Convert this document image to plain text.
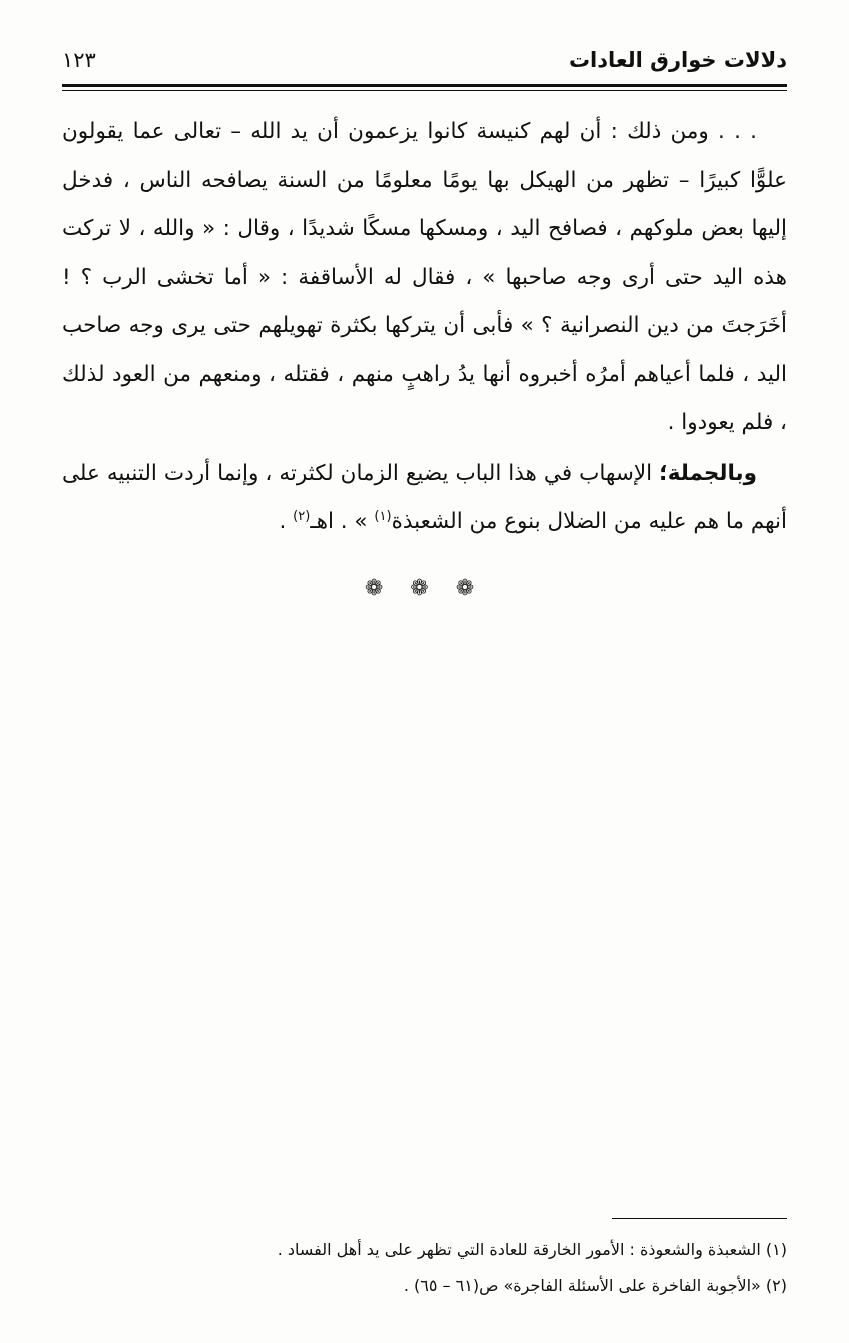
دلالات خوارق العادات
١٢٣

. . . ومن ذلك : أن لهم كنيسة كانوا يزعمون أن يد الله – تعالى عما يقولون علوًّا كبيرًا – تظهر من الهيكل بها يومًا معلومًا من السنة يصافحه الناس ، فدخل إليها بعض ملوكهم ، فصافح اليد ، ومسكها مسكًا شديدًا ، وقال : « والله ، لا تركت هذه اليد حتى أرى وجه صاحبها » ، فقال له الأساقفة : « أما تخشى الرب ؟ ! أخَرَجتَ من دين النصرانية ؟ » فأبى أن يتركها بكثرة تهويلهم حتى يرى وجه صاحب اليد ، فلما أعياهم أمرُه أخبروه أنها يدُ راهبٍ منهم ، فقتله ، ومنعهم من العود لذلك ، فلم يعودوا .

وبالجملة؛ الإسهاب في هذا الباب يضيع الزمان لكثرته ، وإنما أردت التنبيه على أنهم ما هم عليه من الضلال بنوع من الشعبذة$^{(١)}$ » . اهـ$^{(٢)}$ .

❁ ❁ ❁

(١) الشعبذة والشعوذة : الأمور الخارقة للعادة التي تظهر على يد أهل الفساد .

(٢) «الأجوبة الفاخرة على الأسئلة الفاجرة» ص(٦١ – ٦٥) .
